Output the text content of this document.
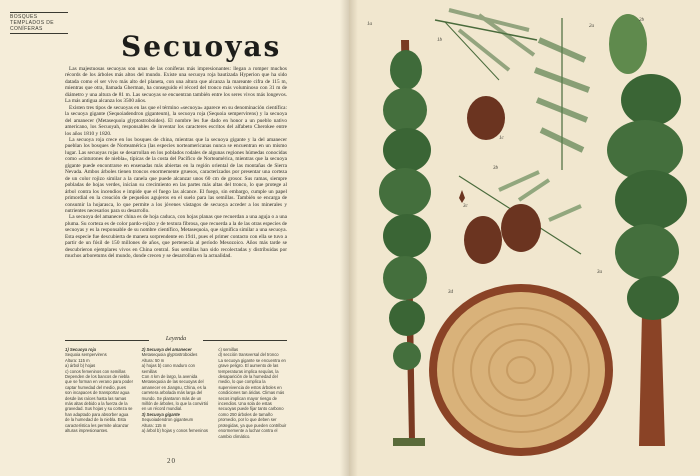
BOSQUES TEMPLADOS DE CONÍFERAS
Secuoyas

Las majestuosas secuoyas son unas de las coníferas más impresionantes: llegan a romper muchos récords de los árboles más altos del mundo. Existe una secuoya roja bautizada Hyperion que ha sido datada como el ser vivo más alto del planeta, con una altura que alcanza la mareante cifra de 115 m, mientras que otra, llamada Gherman, ha conseguido el récord del tronco más voluminoso con 31 m de diámetro y una altura de 81 m. Las secuoyas se encuentran también entre los seres vivos más longevos. La más antigua alcanza los 3500 años.

Existen tres tipos de secuoyas en las que el término «secuoya» aparece en su denominación científica: la secuoya gigante (Sequoiadendron giganteum), la secuoya roja (Sequoia sempervirens) y la secuoya del amanecer (Metasequoia glyptostroboides). El nombre les fue dado en honor a un pueblo nativo americano, los Secuoyah, responsables de inventar los caracteres escritos del alfabeto Cherokee entre los años 1810 y 1820.

La secuoya roja crece en los bosques de china, mientras que la secuoya gigante y la del amanecer pueblan los bosques de Norteamérica (las especies norteamericanas nunca se encuentran en un mismo lugar. Las secuoyas rojas se desarrollan en los poblados rodales de algunas regiones húmedas conocidas como «cinturones de niebla», típicas de la costa del Pacífico de Norteamérica, mientras que la secuoya gigante puede encontrarse en ensenadas más abiertas en la región oriental de las montañas de Sierra Nevada. Ambos árboles tienen troncos enormemente gruesos, caracterizados por presentar una corteza de un color rojizo similar a la canela que puede alcanzar unos 60 cm de grosor. Sus ramas, siempre pobladas de hojas verdes, inician su crecimiento en las partes más altas del tronco, lo que protege al árbol contra los incendios e impide que el fuego las alcance. El fuego, sin embargo, cumple un papel primordial en la creación de pequeños agujeros en el suelo para las semillas. También se encarga de consumir la hojarasca, lo que permite a los jóvenes vástagos de secuoya acceder a los minerales y nutrientes necesarios para su desarrollo.

La secuoya del amanecer china es de hoja caduca, con hojas planas que recuerdan a una aguja o a una pluma. Su corteza es de color pardo-rojizo y de textura fibrosa, que recuerda a la de las otras especies de secuoyas y es la responsable de su nombre científico, Metasequoia, que significa similar a una secuoya. Esta especie fue descubierta de manera sorprendente en 1941, pues el primer contacto con ella se tuvo a partir de un fósil de 150 millones de años, que pertenecía al período Mesozoico. Años más tarde se descubrieron ejemplares vivos en China central. Sus semillas han sido recolectadas y distribuidas por muchos arboretums del mundo, donde crecen y se desarrollan en la actualidad.

Leyenda
1) Secuoya roja
Sequoia sempervirens
Altura: 115 m
a) árbol b) hojas
c) conos femeninos con semillas
Dependen de los bancos de niebla que se forman en verano para poder captar humedad del medio, pues son incapaces de transportar agua desde las raíces hasta las ramas más altas debido a la fuerza de la gravedad. Sus hojas y su corteza se han adaptado para absorber agua de la humedad de la niebla. Esta característica les permite alcanzar alturas impresionantes.
2) Secuoya del amanecer
Metasequoia glyptostroboides
Altura: 50 m
a) hojas b) cono maduro con semillas
Con 4 km de largo, la avenida Metasequoia de las secuoyas del amanecer en Jiangsu, China, es la carretera arbolada más larga del mundo. Se plantaron más de un millón de árboles, lo que la convirtió en un récord mundial.
3) Secuoya gigante
Sequoiadendron giganteum
Altura: 115 m
a) árbol b) hojas y conos femeninos
c) semillas
d) sección transversal del tronco
La secuoya gigante se encuentra en grave peligro. El aumento de las temperaturas implica sequías, la desaparición de la humedad del medio, lo que complica la supervivencia de estos árboles en condiciones tan áridas. Climas más secos implican mayor riesgo de incendios. Una sola de estas secuoyas puede fijar tanto carbono como 250 árboles de tamaño promedio, por lo que deben ser protegidas, ya que pueden contribuir enormemente a luchar contra el cambio climático.
20
1a
1b
1c
2a
2b
3a
3b
3c
3d
